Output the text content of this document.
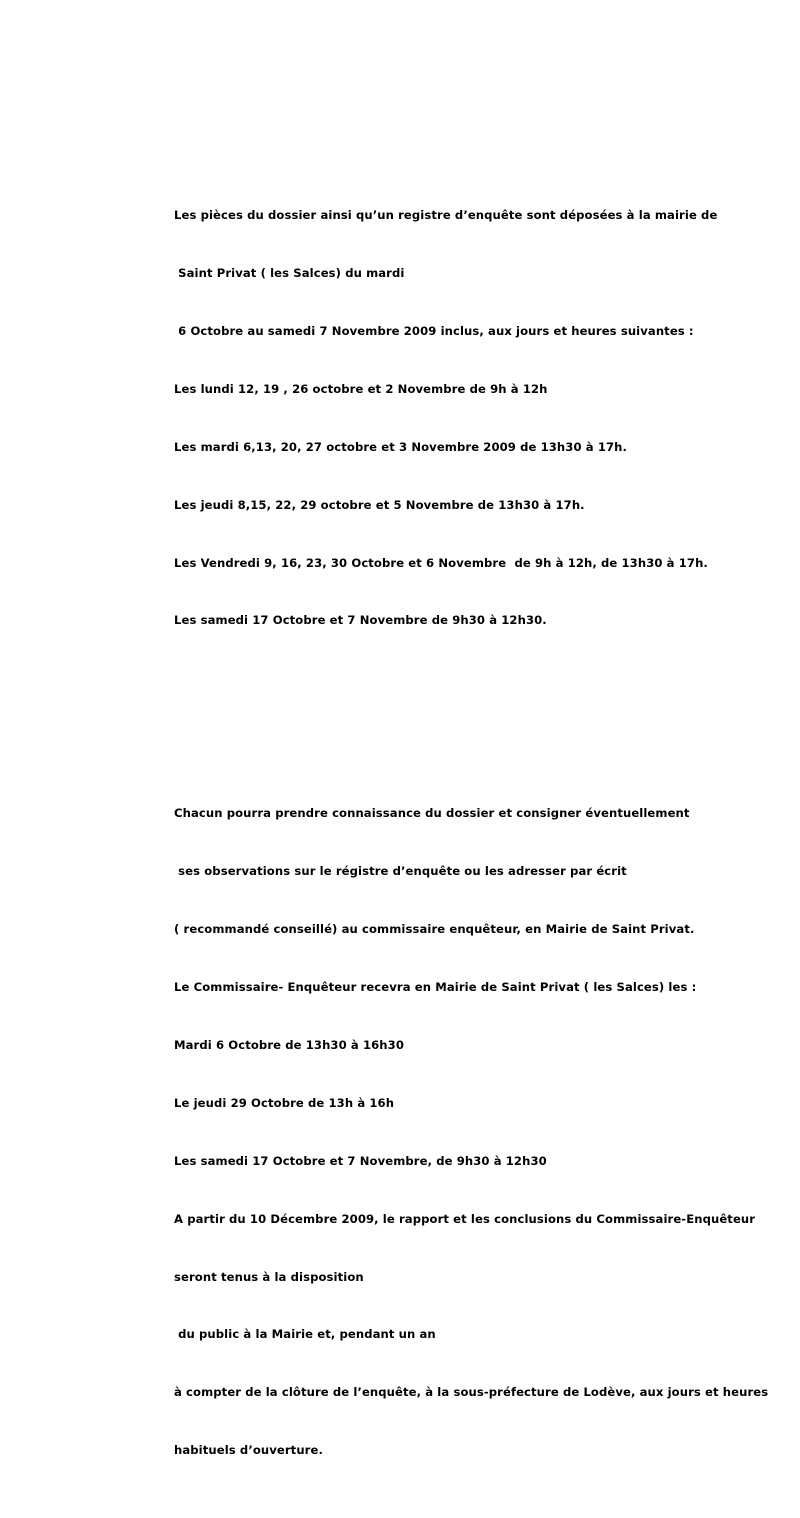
Les pièces du dossier ainsi qu’un registre d’enquête sont déposées à la mairie de

Saint Privat ( les Salces) du mardi

6 Octobre au samedi 7 Novembre 2009 inclus, aux jours et heures suivantes :

Les lundi 12, 19 , 26 octobre et 2 Novembre de 9h à 12h

Les mardi 6,13, 20, 27 octobre et 3 Novembre 2009 de 13h30 à 17h.

Les jeudi 8,15, 22, 29 octobre et 5 Novembre de 13h30 à 17h.

Les Vendredi 9, 16, 23, 30 Octobre et 6 Novembre  de 9h à 12h, de 13h30 à 17h.

Les samedi 17 Octobre et 7 Novembre de 9h30 à 12h30.

Chacun pourra prendre connaissance du dossier et consigner éventuellement

ses observations sur le régistre d’enquête ou les adresser par écrit

( recommandé conseillé) au commissaire enquêteur, en Mairie de Saint Privat.

Le Commissaire- Enquêteur recevra en Mairie de Saint Privat ( les Salces) les :

Mardi 6 Octobre de 13h30 à 16h30

Le jeudi 29 Octobre de 13h à 16h

Les samedi 17 Octobre et 7 Novembre, de 9h30 à 12h30

A partir du 10 Décembre 2009, le rapport et les conclusions du Commissaire-Enquêteur

seront tenus à la disposition

du public à la Mairie et, pendant un an

à compter de la clôture de l’enquête, à la sous-préfecture de Lodève, aux jours et heures

habituels d’ouverture.
